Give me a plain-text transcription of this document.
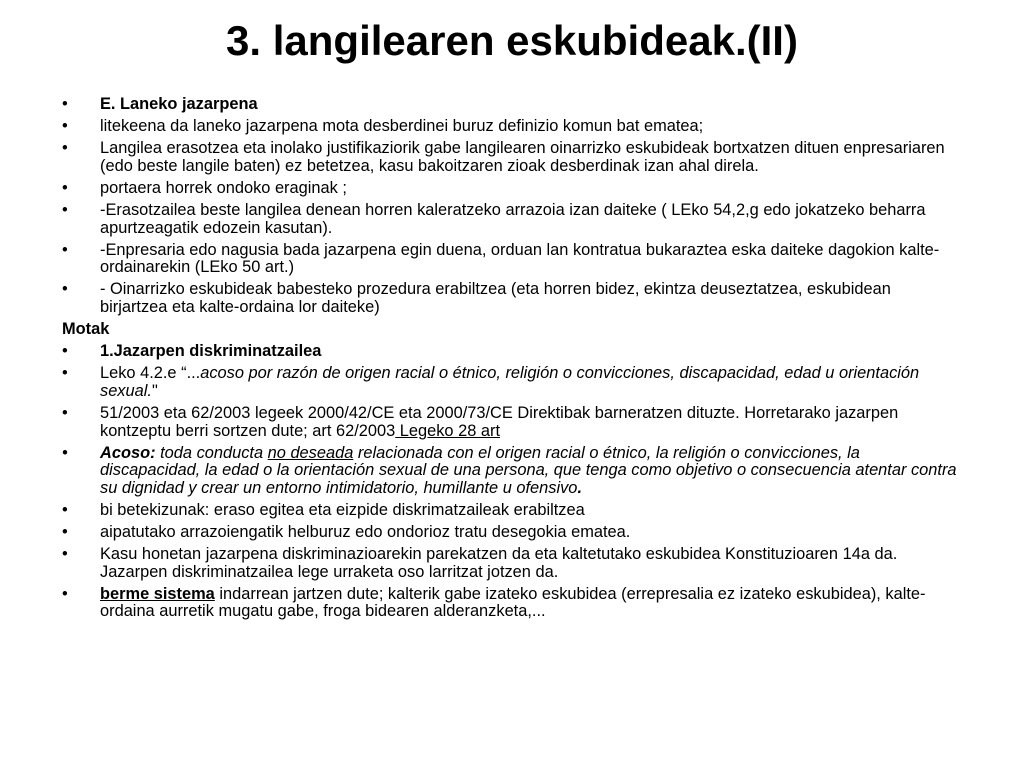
3. langilearen eskubideak.(II)
• E. Laneko jazarpena
• litekeena da laneko jazarpena mota desberdinei buruz definizio komun bat ematea;
• Langilea erasotzea eta inolako justifikaziorik gabe langilearen oinarrizko eskubideak bortxatzen dituen enpresariaren (edo beste langile baten) ez betetzea, kasu bakoitzaren zioak desberdinak izan ahal direla.
• portaera horrek ondoko eraginak ;
• -Erasotzailea beste langilea denean horren kaleratzeko arrazoia izan daiteke ( LEko 54,2,g edo jokatzeko beharra apurtzeagatik edozein kasutan).
• -Enpresaria edo nagusia bada jazarpena egin duena, orduan lan kontratua bukaraztea eska daiteke dagokion kalte-ordainarekin (LEko 50 art.)
• - Oinarrizko eskubideak babesteko prozedura erabiltzea (eta horren bidez, ekintza deuseztatzea, eskubidean birjartzea eta kalte-ordaina lor daiteke)
Motak
• 1.Jazarpen diskriminatzailea
• Leko 4.2.e “...acoso por razón de origen racial o étnico, religión o convicciones, discapacidad, edad u orientación sexual."
• 51/2003 eta 62/2003 legeek 2000/42/CE eta 2000/73/CE Direktibak barneratzen dituzte. Horretarako jazarpen kontzeptu berri sortzen dute; art 62/2003 Legeko 28 art
• Acoso: toda conducta no deseada relacionada con el origen racial o étnico, la religión o convicciones, la discapacidad, la edad o la orientación sexual de una persona, que tenga como objetivo o consecuencia atentar contra su dignidad y crear un entorno intimidatorio, humillante u ofensivo.
• bi betekizunak: eraso egitea eta eizpide diskrimatzaileak erabiltzea
• aipatutako arrazoiengatik helburuz edo ondorioz tratu desegokia ematea.
• Kasu honetan jazarpena diskriminazioarekin parekatzen da eta kaltetutako eskubidea Konstituzioaren 14a da. Jazarpen diskriminatzailea lege urraketa oso larritzat jotzen da.
• berme sistema indarrean jartzen dute; kalterik gabe izateko eskubidea (errepresalia ez izateko eskubidea), kalte-ordaina aurretik mugatu gabe, froga bidearen alderanzketa,...
